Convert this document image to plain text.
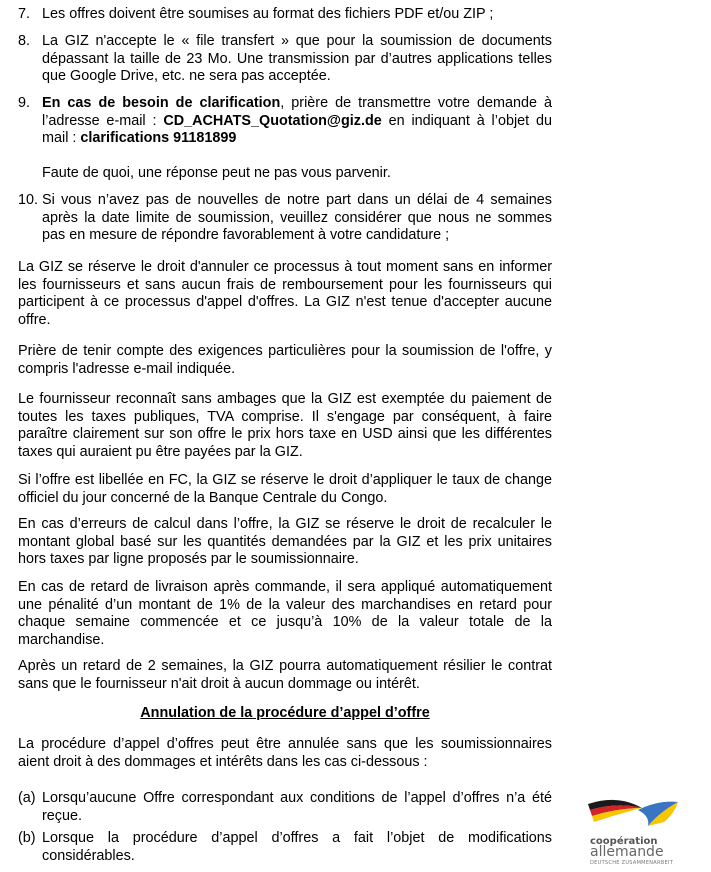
7. Les offres doivent être soumises au format des fichiers PDF et/ou ZIP ;

8. La GIZ n'accepte le « file transfert » que pour la soumission de documents dépassant la taille de 23 Mo. Une transmission par d’autres applications telles que Google Drive, etc. ne sera pas acceptée.

9. En cas de besoin de clarification, prière de transmettre votre demande à l’adresse e-mail : CD_ACHATS_Quotation@giz.de en indiquant à l’objet du mail : clarifications 91181899

Faute de quoi, une réponse peut ne pas vous parvenir.

10. Si vous n’avez pas de nouvelles de notre part dans un délai de 4 semaines après la date limite de soumission, veuillez considérer que nous ne sommes pas en mesure de répondre favorablement à votre candidature ;

La GIZ se réserve le droit d'annuler ce processus à tout moment sans en informer les fournisseurs et sans aucun frais de remboursement pour les fournisseurs qui participent à ce processus d'appel d'offres. La GIZ n'est tenue d'accepter aucune offre.

Prière de tenir compte des exigences particulières pour la soumission de l'offre, y compris l'adresse e-mail indiquée.

Le fournisseur reconnaît sans ambages que la GIZ est exemptée du paiement de toutes les taxes publiques, TVA comprise. Il s'engage par conséquent, à faire paraître clairement sur son offre le prix hors taxe en USD ainsi que les différentes taxes qui auraient pu être payées par la GIZ.

Si l’offre est libellée en FC, la GIZ se réserve le droit d’appliquer le taux de change officiel du jour concerné de la Banque Centrale du Congo.

En cas d’erreurs de calcul dans l’offre, la GIZ se réserve le droit de recalculer le montant global basé sur les quantités demandées par la GIZ et les prix unitaires hors taxes par ligne proposés par le soumissionnaire.

En cas de retard de livraison après commande, il sera appliqué automatiquement une pénalité d’un montant de 1% de la valeur des marchandises en retard pour chaque semaine commencée et ce jusqu’à 10% de la valeur totale de la marchandise.

Après un retard de 2 semaines, la GIZ pourra automatiquement résilier le contrat sans que le fournisseur n'ait droit à aucun dommage ou intérêt.

Annulation de la procédure d’appel d’offre

La procédure d’appel d’offres peut être annulée sans que les soumissionnaires aient droit à des dommages et intérêts dans les cas ci-dessous :

(a) Lorsqu’aucune Offre correspondant aux conditions de l’appel d’offres n’a été reçue.

(b) Lorsque la procédure d’appel d’offres a fait l’objet de modifications considérables.

coopération
allemande
DEUTSCHE ZUSAMMENARBEIT
